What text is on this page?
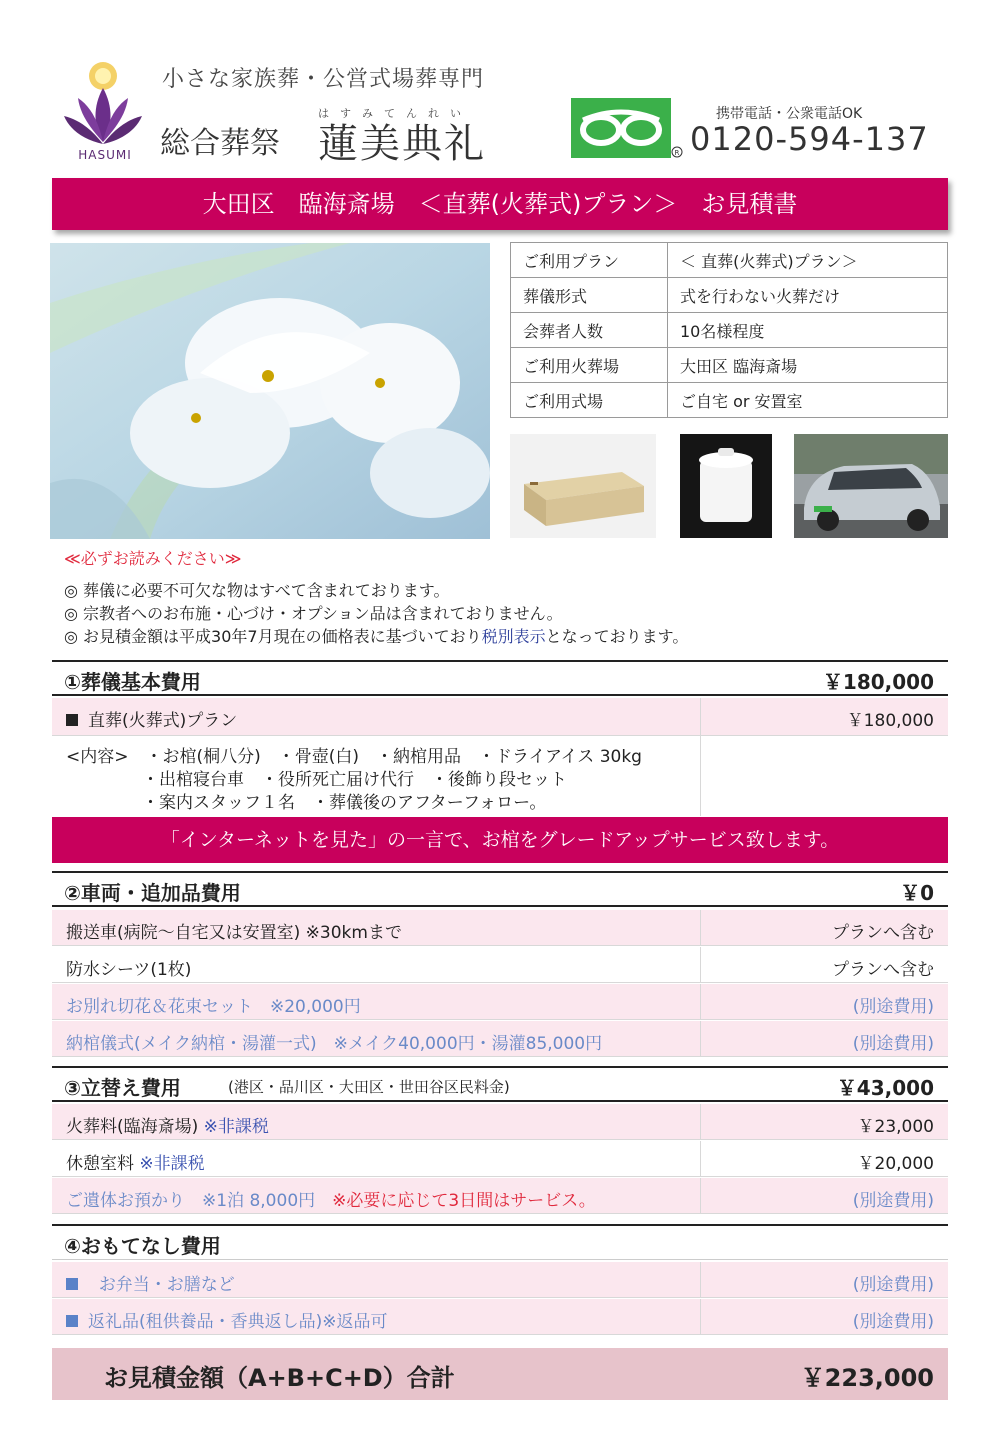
HASUMI
小さな家族葬・公営式場葬専門
はすみてんれい
総合葬祭 蓮美典礼	R
携帯電話・公衆電話OK
0120-594-137
大田区　臨海斎場　＜直葬(火葬式)プラン＞　お見積書
ご利用プラン	＜ 直葬(火葬式)プラン＞
葬儀形式	式を行わない火葬だけ
会葬者人数	10名様程度
ご利用火葬場	大田区 臨海斎場
ご利用式場	ご自宅 or 安置室
≪必ずお読みください≫
◎ 葬儀に必要不可欠な物はすべて含まれております。
◎ 宗教者へのお布施・心づけ・オプション品は含まれておりません。
◎ お見積金額は平成30年7月現在の価格表に基づいており税別表示となっております。
①葬儀基本費用	￥180,000
直葬(火葬式)プラン	￥180,000
<内容>　・お棺(桐八分)　・骨壺(白)　・納棺用品　・ドライアイス 30kg
・出棺寝台車　・役所死亡届け代行　・後飾り段セット
・案内スタッフ１名　・葬儀後のアフターフォロー。
「インターネットを見た」の一言で、お棺をグレードアップサービス致します。
②車両・追加品費用	￥0
搬送車(病院～自宅又は安置室) ※30kmまで	プランへ含む
防水シーツ(1枚)	プランへ含む
お別れ切花＆花束セット　※20,000円	(別途費用)
納棺儀式(メイク納棺・湯灌一式)　※メイク40,000円・湯灌85,000円	(別途費用)
③立替え費用	(港区・品川区・大田区・世田谷区民料金)	￥43,000
火葬料(臨海斎場) ※非課税	￥23,000
休憩室料 ※非課税	￥20,000
ご遺体お預かり　※1泊 8,000円　 ※必要に応じて3日間はサービス。	(別途費用)
④おもてなし費用
お弁当・お膳など	(別途費用)
返礼品(租供養品・香典返し品)※返品可	(別途費用)
お見積金額（A+B+C+D）合計	￥223,000
